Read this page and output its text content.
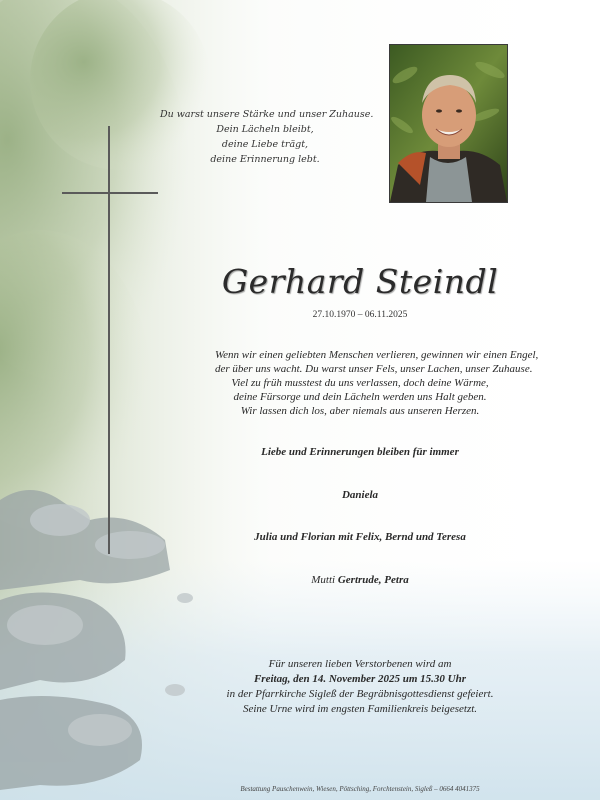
Du warst unsere Stärke und unser Zuhause.
Dein Lächeln bleibt,
deine Liebe trägt,
deine Erinnerung lebt.
Gerhard Steindl
27.10.1970 – 06.11.2025
Wenn wir einen geliebten Menschen verlieren, gewinnen wir einen Engel,
der über uns wacht. Du warst unser Fels, unser Lachen, unser Zuhause.
Viel zu früh musstest du uns verlassen, doch deine Wärme,
deine Fürsorge und dein Lächeln werden uns Halt geben.
Wir lassen dich los, aber niemals aus unseren Herzen.
Liebe und Erinnerungen bleiben für immer
Daniela
Julia und Florian mit Felix, Bernd und Teresa
Mutti Gertrude, Petra
Für unseren lieben Verstorbenen wird am
Freitag, den 14. November 2025 um 15.30 Uhr
in der Pfarrkirche Sigleß der Begräbnisgottesdienst gefeiert.
Seine Urne wird im engsten Familienkreis beigesetzt.
Bestattung Pauschenwein, Wiesen, Pöttsching, Forchtenstein, Sigleß – 0664 4041375
